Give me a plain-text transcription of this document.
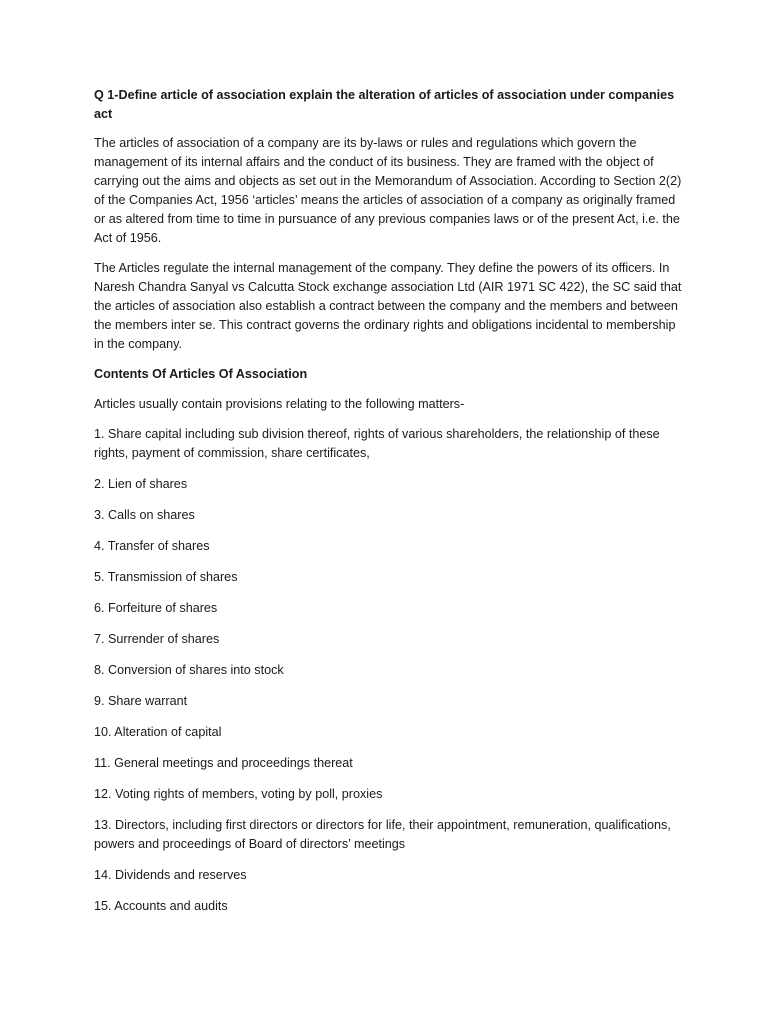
Q 1-Define article of association explain the alteration of articles of association under companies act

The articles of association of a company are its by-laws or rules and regulations which govern the management of its internal affairs and the conduct of its business. They are framed with the object of carrying out the aims and objects as set out in the Memorandum of Association. According to Section 2(2) of the Companies Act, 1956 ‘articles’ means the articles of association of a company as originally framed or as altered from time to time in pursuance of any previous companies laws or of the present Act, i.e. the Act of 1956.

The Articles regulate the internal management of the company. They define the powers of its officers. In Naresh Chandra Sanyal vs Calcutta Stock exchange association Ltd (AIR 1971 SC 422), the SC said that the articles of association also establish a contract between the company and the members and between the members inter se. This contract governs the ordinary rights and obligations incidental to membership in the company.

Contents Of Articles Of Association

Articles usually contain provisions relating to the following matters-

1. Share capital including sub division thereof, rights of various shareholders, the relationship of these rights, payment of commission, share certificates,
2. Lien of shares
3. Calls on shares
4. Transfer of shares
5. Transmission of shares
6. Forfeiture of shares
7. Surrender of shares
8. Conversion of shares into stock
9. Share warrant
10. Alteration of capital
11. General meetings and proceedings thereat
12. Voting rights of members, voting by poll, proxies
13. Directors, including first directors or directors for life, their appointment, remuneration, qualifications, powers and proceedings of Board of directors’ meetings
14. Dividends and reserves
15. Accounts and audits
